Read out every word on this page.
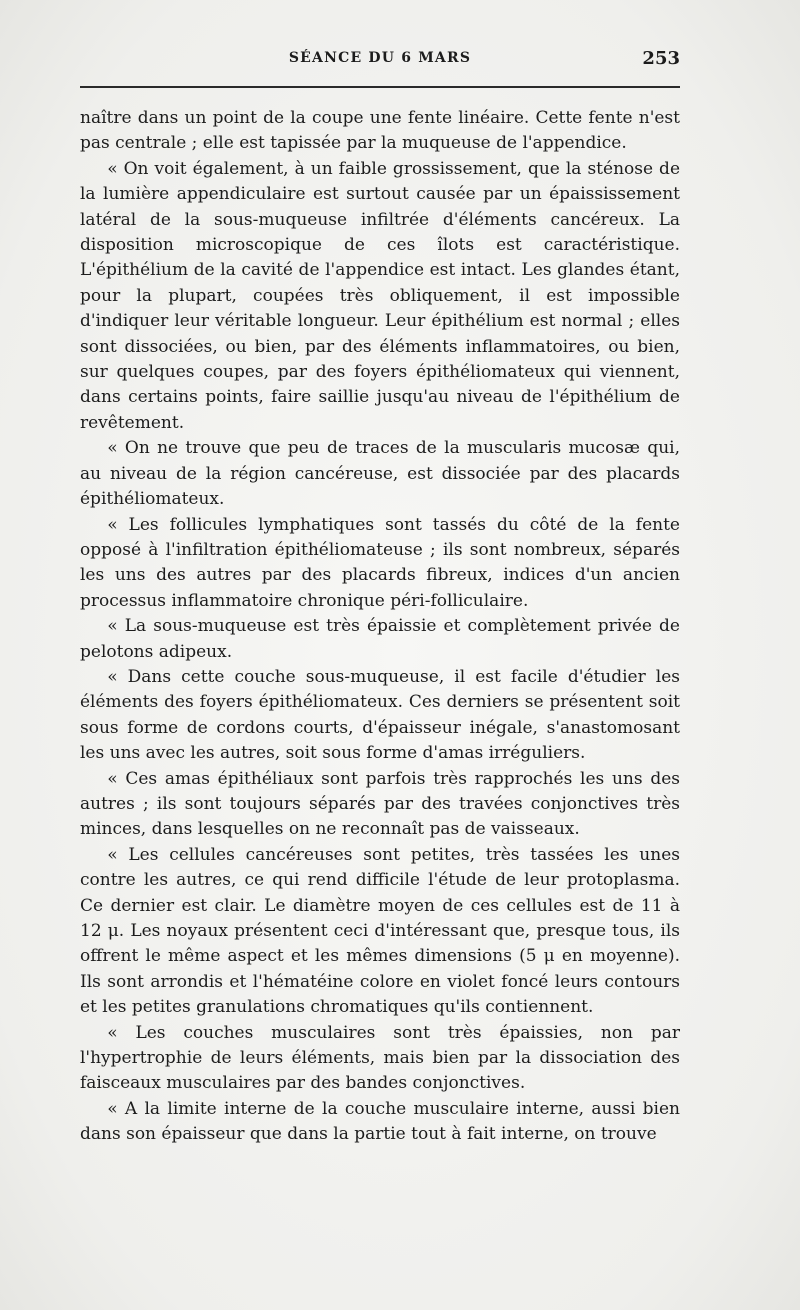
SÉANCE DU 6 MARS	253

naître dans un point de la coupe une fente linéaire. Cette fente n'est pas centrale ; elle est tapissée par la muqueuse de l'appendice.

« On voit également, à un faible grossissement, que la sténose de la lumière appendiculaire est surtout causée par un épaississement latéral de la sous-muqueuse infiltrée d'éléments cancéreux. La disposition microscopique de ces îlots est caractéristique. L'épithélium de la cavité de l'appendice est intact. Les glandes étant, pour la plupart, coupées très obliquement, il est impossible d'indiquer leur véritable longueur. Leur épithélium est normal ; elles sont dissociées, ou bien, par des éléments inflammatoires, ou bien, sur quelques coupes, par des foyers épithéliomateux qui viennent, dans certains points, faire saillie jusqu'au niveau de l'épithélium de revêtement.

« On ne trouve que peu de traces de la muscularis mucosæ qui, au niveau de la région cancéreuse, est dissociée par des placards épithéliomateux.

« Les follicules lymphatiques sont tassés du côté de la fente opposé à l'infiltration épithéliomateuse ; ils sont nombreux, séparés les uns des autres par des placards fibreux, indices d'un ancien processus inflammatoire chronique péri-folliculaire.

« La sous-muqueuse est très épaissie et complètement privée de pelotons adipeux.

« Dans cette couche sous-muqueuse, il est facile d'étudier les éléments des foyers épithéliomateux. Ces derniers se présentent soit sous forme de cordons courts, d'épaisseur inégale, s'anastomosant les uns avec les autres, soit sous forme d'amas irréguliers.

« Ces amas épithéliaux sont parfois très rapprochés les uns des autres ; ils sont toujours séparés par des travées conjonctives très minces, dans lesquelles on ne reconnaît pas de vaisseaux.

« Les cellules cancéreuses sont petites, très tassées les unes contre les autres, ce qui rend difficile l'étude de leur protoplasma. Ce dernier est clair. Le diamètre moyen de ces cellules est de 11 à 12 μ. Les noyaux présentent ceci d'intéressant que, presque tous, ils offrent le même aspect et les mêmes dimensions (5 μ en moyenne). Ils sont arrondis et l'hématéine colore en violet foncé leurs contours et les petites granulations chromatiques qu'ils contiennent.

« Les couches musculaires sont très épaissies, non par l'hypertrophie de leurs éléments, mais bien par la dissociation des faisceaux musculaires par des bandes conjonctives.

« A la limite interne de la couche musculaire interne, aussi bien dans son épaisseur que dans la partie tout à fait interne, on trouve
